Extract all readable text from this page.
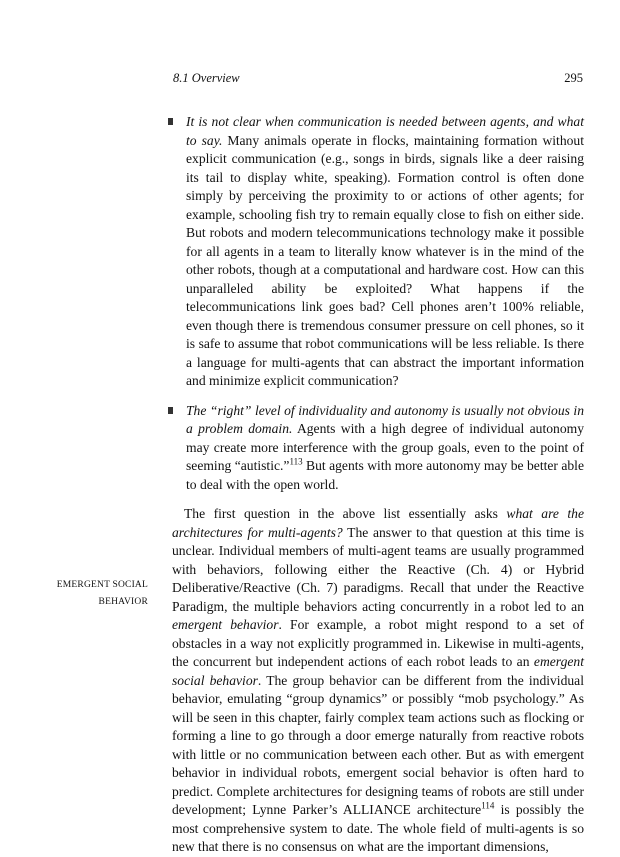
8.1 Overview	295
EMERGENT SOCIAL
BEHAVIOR

It is not clear when communication is needed between agents, and what to say. Many animals operate in flocks, maintaining formation without explicit communication (e.g., songs in birds, signals like a deer raising its tail to display white, speaking). Formation control is often done simply by perceiving the proximity to or actions of other agents; for example, schooling fish try to remain equally close to fish on either side. But robots and modern telecommunications technology make it possible for all agents in a team to literally know whatever is in the mind of the other robots, though at a computational and hardware cost. How can this unparalleled ability be exploited? What happens if the telecommunications link goes bad? Cell phones aren’t 100% reliable, even though there is tremendous consumer pressure on cell phones, so it is safe to assume that robot communications will be less reliable. Is there a language for multi-agents that can abstract the important information and minimize explicit communication?

The “right” level of individuality and autonomy is usually not obvious in a problem domain. Agents with a high degree of individual autonomy may create more interference with the group goals, even to the point of seeming “autistic.”$^{113}$ But agents with more autonomy may be better able to deal with the open world.

The first question in the above list essentially asks what are the architectures for multi-agents? The answer to that question at this time is unclear. Individual members of multi-agent teams are usually programmed with behaviors, following either the Reactive (Ch. 4) or Hybrid Deliberative/Reactive (Ch. 7) paradigms. Recall that under the Reactive Paradigm, the multiple behaviors acting concurrently in a robot led to an emergent behavior. For example, a robot might respond to a set of obstacles in a way not explicitly programmed in. Likewise in multi-agents, the concurrent but independent actions of each robot leads to an emergent social behavior. The group behavior can be different from the individual behavior, emulating “group dynamics” or possibly “mob psychology.” As will be seen in this chapter, fairly complex team actions such as flocking or forming a line to go through a door emerge naturally from reactive robots with little or no communication between each other. But as with emergent behavior in individual robots, emergent social behavior is often hard to predict. Complete architectures for designing teams of robots are still under development; Lynne Parker’s ALLIANCE architecture$^{114}$ is possibly the most comprehensive system to date. The whole field of multi-agents is so new that there is no consensus on what are the important dimensions,
